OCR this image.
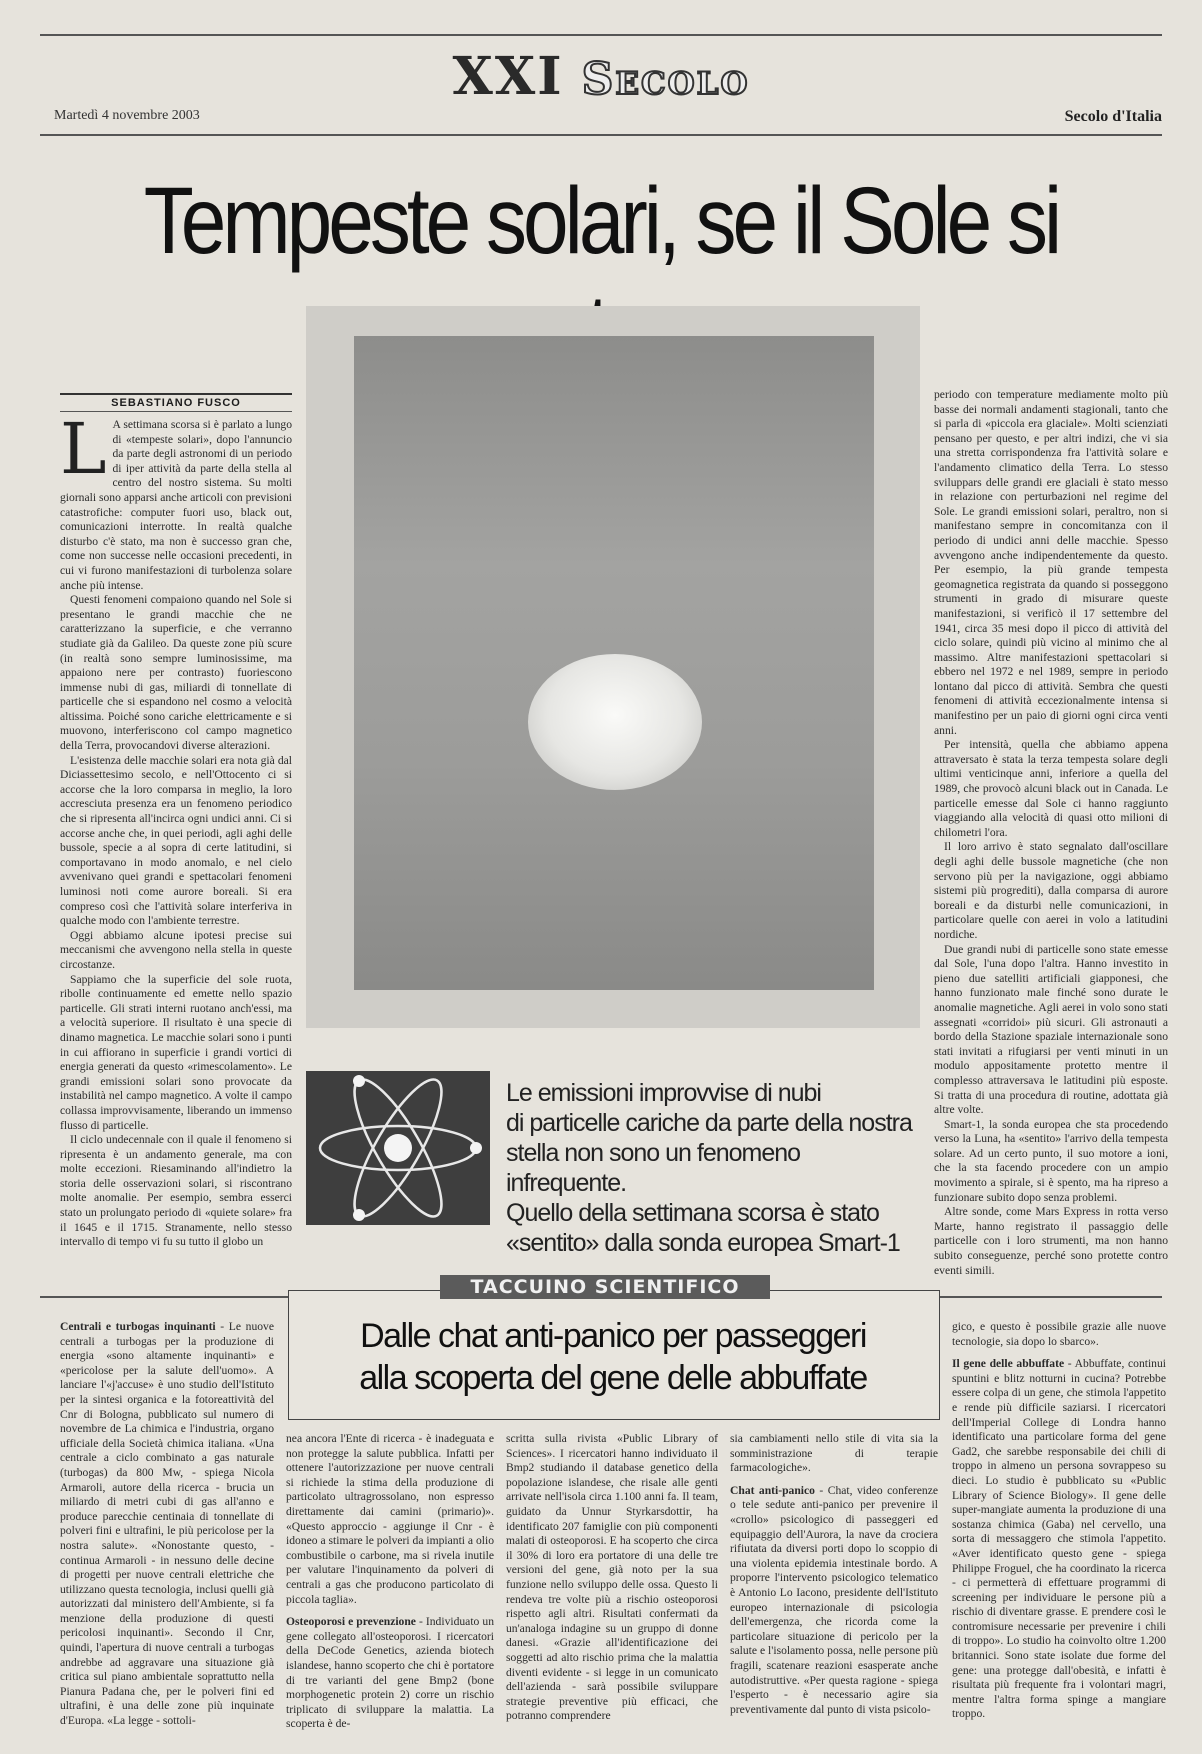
XXI Secolo
Martedì 4 novembre 2003	Secolo d'Italia
Tempeste solari, se il Sole si
SEBASTIANO FUSCO
L A settimana scorsa si è parlato a lungo di «tempeste solari», dopo l'annuncio da parte degli astronomi di un periodo di iper attività da parte della stella al centro del nostro sistema. Su molti giornali sono apparsi anche articoli con previsioni catastrofiche: computer fuori uso, black out, comunicazioni interrotte. In realtà qualche disturbo c'è stato, ma non è successo gran che, come non successe nelle occasioni precedenti, in cui vi furono manifestazioni di turbolenza solare anche più intense.

Questi fenomeni compaiono quando nel Sole si presentano le grandi macchie che ne caratterizzano la superficie, e che verranno studiate già da Galileo. Da queste zone più scure (in realtà sono sempre luminosissime, ma appaiono nere per contrasto) fuoriescono immense nubi di gas, miliardi di tonnellate di particelle che si espandono nel cosmo a velocità altissima. Poiché sono cariche elettricamente e si muovono, interferiscono col campo magnetico della Terra, provocandovi diverse alterazioni.

L'esistenza delle macchie solari era nota già dal Diciassettesimo secolo, e nell'Ottocento ci si accorse che la loro comparsa in meglio, la loro accresciuta presenza era un fenomeno periodico che si ripresenta all'incirca ogni undici anni. Ci si accorse anche che, in quei periodi, agli aghi delle bussole, specie a al sopra di certe latitudini, si comportavano in modo anomalo, e nel cielo avvenivano quei grandi e spettacolari fenomeni luminosi noti come aurore boreali. Si era compreso così che l'attività solare interferiva in qualche modo con l'ambiente terrestre.

Oggi abbiamo alcune ipotesi precise sui meccanismi che avvengono nella stella in queste circostanze.

Sappiamo che la superficie del sole ruota, ribolle continuamente ed emette nello spazio particelle. Gli strati interni ruotano anch'essi, ma a velocità superiore. Il risultato è una specie di dinamo magnetica. Le macchie solari sono i punti in cui affiorano in superficie i grandi vortici di energia generati da questo «rimescolamento». Le grandi emissioni solari sono provocate da instabilità nel campo magnetico. A volte il campo collassa improvvisamente, liberando un immenso flusso di particelle.

Il ciclo undecennale con il quale il fenomeno si ripresenta è un andamento generale, ma con molte eccezioni. Riesaminando all'indietro la storia delle osservazioni solari, si riscontrano molte anomalie. Per esempio, sembra esserci stato un prolungato periodo di «quiete solare» fra il 1645 e il 1715. Stranamente, nello stesso intervallo di tempo vi fu su tutto il globo un

periodo con temperature mediamente molto più basse dei normali andamenti stagionali, tanto che si parla di «piccola era glaciale». Molti scienziati pensano per questo, e per altri indizi, che vi sia una stretta corrispondenza fra l'attività solare e l'andamento climatico della Terra. Lo stesso sviluppars delle grandi ere glaciali è stato messo in relazione con perturbazioni nel regime del Sole. Le grandi emissioni solari, peraltro, non si manifestano sempre in concomitanza con il periodo di undici anni delle macchie. Spesso avvengono anche indipendentemente da questo. Per esempio, la più grande tempesta geomagnetica registrata da quando si posseggono strumenti in grado di misurare queste manifestazioni, si verificò il 17 settembre del 1941, circa 35 mesi dopo il picco di attività del ciclo solare, quindi più vicino al minimo che al massimo. Altre manifestazioni spettacolari si ebbero nel 1972 e nel 1989, sempre in periodo lontano dal picco di attività. Sembra che questi fenomeni di attività eccezionalmente intensa si manifestino per un paio di giorni ogni circa venti anni.

Per intensità, quella che abbiamo appena attraversato è stata la terza tempesta solare degli ultimi venticinque anni, inferiore a quella del 1989, che provocò alcuni black out in Canada. Le particelle emesse dal Sole ci hanno raggiunto viaggiando alla velocità di quasi otto milioni di chilometri l'ora.

Il loro arrivo è stato segnalato dall'oscillare degli aghi delle bussole magnetiche (che non servono più per la navigazione, oggi abbiamo sistemi più progrediti), dalla comparsa di aurore boreali e da disturbi nelle comunicazioni, in particolare quelle con aerei in volo a latitudini nordiche.

Due grandi nubi di particelle sono state emesse dal Sole, l'una dopo l'altra. Hanno investito in pieno due satelliti artificiali giapponesi, che hanno funzionato male finché sono durate le anomalie magnetiche. Agli aerei in volo sono stati assegnati «corridoi» più sicuri. Gli astronauti a bordo della Stazione spaziale internazionale sono stati invitati a rifugiarsi per venti minuti in un modulo appositamente protetto mentre il complesso attraversava le latitudini più esposte. Si tratta di una procedura di routine, adottata già altre volte.

Smart-1, la sonda europea che sta procedendo verso la Luna, ha «sentito» l'arrivo della tempesta solare. Ad un certo punto, il suo motore a ioni, che la sta facendo procedere con un ampio movimento a spirale, si è spento, ma ha ripreso a funzionare subito dopo senza problemi.

Altre sonde, come Mars Express in rotta verso Marte, hanno registrato il passaggio delle particelle con i loro strumenti, ma non hanno subito conseguenze, perché sono protette contro eventi simili.

Le emissioni improvvise di nubi
di particelle cariche da parte della nostra
stella non sono un fenomeno infrequente.
Quello della settimana scorsa è stato
«sentito» dalla sonda europea Smart-1
TACCUINO SCIENTIFICO
Dalle chat anti-panico per passeggeri
alla scoperta del gene delle abbuffate

Centrali e turbogas inquinanti - Le nuove centrali a turbogas per la produzione di energia «sono altamente inquinanti» e «pericolose per la salute dell'uomo». A lanciare l'«j'accuse» è uno studio dell'Istituto per la sintesi organica e la fotoreattività del Cnr di Bologna, pubblicato sul numero di novembre de La chimica e l'industria, organo ufficiale della Società chimica italiana. «Una centrale a ciclo combinato a gas naturale (turbogas) da 800 Mw, - spiega Nicola Armaroli, autore della ricerca - brucia un miliardo di metri cubi di gas all'anno e produce parecchie centinaia di tonnellate di polveri fini e ultrafini, le più pericolose per la nostra salute». «Nonostante questo, - continua Armaroli - in nessuno delle decine di progetti per nuove centrali elettriche che utilizzano questa tecnologia, inclusi quelli già autorizzati dal ministero dell'Ambiente, si fa menzione della produzione di questi pericolosi inquinanti». Secondo il Cnr, quindi, l'apertura di nuove centrali a turbogas andrebbe ad aggravare una situazione già critica sul piano ambientale soprattutto nella Pianura Padana che, per le polveri fini ed ultrafini, è una delle zone più inquinate d'Europa. «La legge - sottoli-

nea ancora l'Ente di ricerca - è inadeguata e non protegge la salute pubblica. Infatti per ottenere l'autorizzazione per nuove centrali si richiede la stima della produzione di particolato ultragrossolano, non espresso direttamente dai camini (primario)». «Questo approccio - aggiunge il Cnr - è idoneo a stimare le polveri da impianti a olio combustibile o carbone, ma si rivela inutile per valutare l'inquinamento da polveri di centrali a gas che producono particolato di piccola taglia».

Osteoporosi e prevenzione - Individuato un gene collegato all'osteoporosi. I ricercatori della DeCode Genetics, azienda biotech islandese, hanno scoperto che chi è portatore di tre varianti del gene Bmp2 (bone morphogenetic protein 2) corre un rischio triplicato di sviluppare la malattia. La scoperta è de-

scritta sulla rivista «Public Library of Sciences». I ricercatori hanno individuato il Bmp2 studiando il database genetico della popolazione islandese, che risale alle genti arrivate nell'isola circa 1.100 anni fa. Il team, guidato da Unnur Styrkarsdottir, ha identificato 207 famiglie con più componenti malati di osteoporosi. E ha scoperto che circa il 30% di loro era portatore di una delle tre versioni del gene, già noto per la sua funzione nello sviluppo delle ossa. Questo li rendeva tre volte più a rischio osteoporosi rispetto agli altri. Risultati confermati da un'analoga indagine su un gruppo di donne danesi. «Grazie all'identificazione dei soggetti ad alto rischio prima che la malattia diventi evidente - si legge in un comunicato dell'azienda - sarà possibile sviluppare strategie preventive più efficaci, che potranno comprendere

sia cambiamenti nello stile di vita sia la somministrazione di terapie farmacologiche».

Chat anti-panico - Chat, video conferenze o tele sedute anti-panico per prevenire il «crollo» psicologico di passeggeri ed equipaggio dell'Aurora, la nave da crociera rifiutata da diversi porti dopo lo scoppio di una violenta epidemia intestinale bordo. A proporre l'intervento psicologico telematico è Antonio Lo Iacono, presidente dell'Istituto europeo internazionale di psicologia dell'emergenza, che ricorda come la particolare situazione di pericolo per la salute e l'isolamento possa, nelle persone più fragili, scatenare reazioni esasperate anche autodistruttive. «Per questa ragione - spiega l'esperto - è necessario agire sia preventivamente dal punto di vista psicolo-

gico, e questo è possibile grazie alle nuove tecnologie, sia dopo lo sbarco».

Il gene delle abbuffate - Abbuffate, continui spuntini e blitz notturni in cucina? Potrebbe essere colpa di un gene, che stimola l'appetito e rende più difficile saziarsi. I ricercatori dell'Imperial College di Londra hanno identificato una particolare forma del gene Gad2, che sarebbe responsabile dei chili di troppo in almeno un persona sovrappeso su dieci. Lo studio è pubblicato su «Public Library of Science Biology». Il gene delle super-mangiate aumenta la produzione di una sostanza chimica (Gaba) nel cervello, una sorta di messaggero che stimola l'appetito. «Aver identificato questo gene - spiega Philippe Froguel, che ha coordinato la ricerca - ci permetterà di effettuare programmi di screening per individuare le persone più a rischio di diventare grasse. E prendere così le contromisure necessarie per prevenire i chili di troppo». Lo studio ha coinvolto oltre 1.200 britannici. Sono state isolate due forme del gene: una protegge dall'obesità, e infatti è risultata più frequente fra i volontari magri, mentre l'altra forma spinge a mangiare troppo.
